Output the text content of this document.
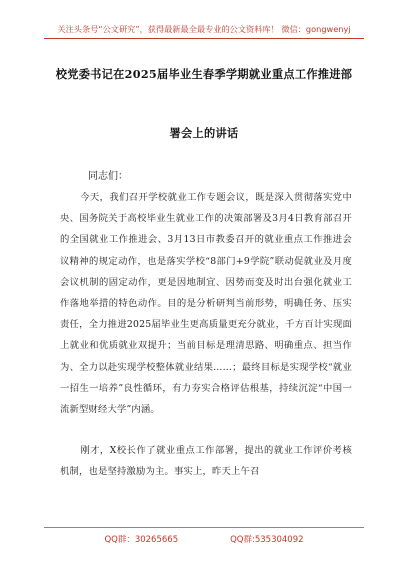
关注头条号“公文研究”，获得最新最全最专业的公文资料库！ 微信：gongwenyj
校党委书记在2025届毕业生春季学期就业重点工作推进部
署会上的讲话
同志们：
今天，我们召开学校就业工作专题会议，既是深入贯彻落实党中央、国务院关于高校毕业生就业工作的决策部署及3月4日教育部召开的全国就业工作推进会、3月13日市教委召开的就业重点工作推进会议精神的规定动作，也是落实学校“8部门+9学院”联动促就业及月度会议机制的固定动作，更是因地制宜、因势而变及时出台强化就业工作落地举措的特色动作。目的是分析研判当前形势，明确任务、压实责任，全力推进2025届毕业生更高质量更充分就业，千方百计实现面上就业和优质就业双提升；当前目标是理清思路、明确重点、担当作为、全力以赴实现学校整体就业结果……；最终目标是实现学校“就业一招生一培养”良性循环，有力夯实合格评估根基，持续沉淀“中国一流新型财经大学”内涵。
刚才，X校长作了就业重点工作部署，提出的就业工作评价考核机制，也是坚持激励为主。事实上，昨天上午召
QQ群：30265665	QQ群:535304092
